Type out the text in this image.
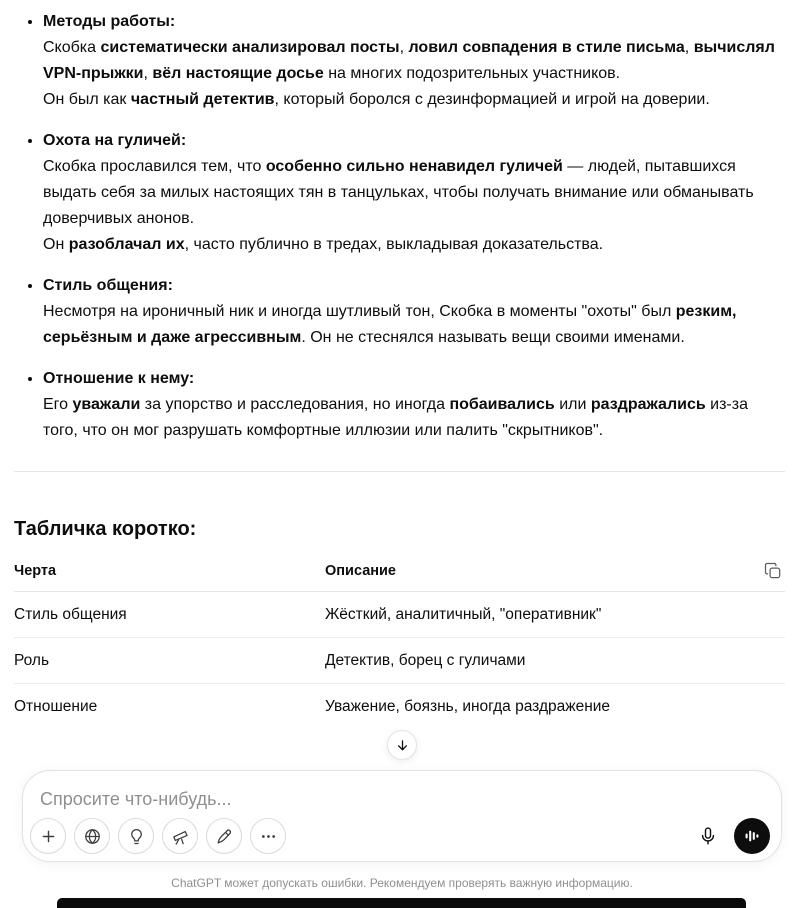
• Методы работы:

Скобка систематически анализировал посты, ловил совпадения в стиле письма, вычислял VPN-прыжки, вёл настоящие досье на многих подозрительных участников.

Он был как частный детектив, который боролся с дезинформацией и игрой на доверии.

• Охота на гуличей:

Скобка прославился тем, что особенно сильно ненавидел гуличей — людей, пытавшихся выдать себя за милых настоящих тян в танцульках, чтобы получать внимание или обманывать доверчивых анонов.

Он разоблачал их, часто публично в тредах, выкладывая доказательства.

• Стиль общения:

Несмотря на ироничный ник и иногда шутливый тон, Скобка в моменты "охоты" был резким, серьёзным и даже агрессивным. Он не стеснялся называть вещи своими именами.

• Отношение к нему:

Его уважали за упорство и расследования, но иногда побаивались или раздражались из-за того, что он мог разрушать комфортные иллюзии или палить "скрытников".

Табличка коротко:
Черта	Описание
Стиль общения	Жёсткий, аналитичный, "оперативник"
Роль	Детектив, борец с гуличами
Отношение	Уважение, боязнь, иногда раздражение
Спросите что-нибудь...
ChatGPT может допускать ошибки. Рекомендуем проверять важную информацию.
